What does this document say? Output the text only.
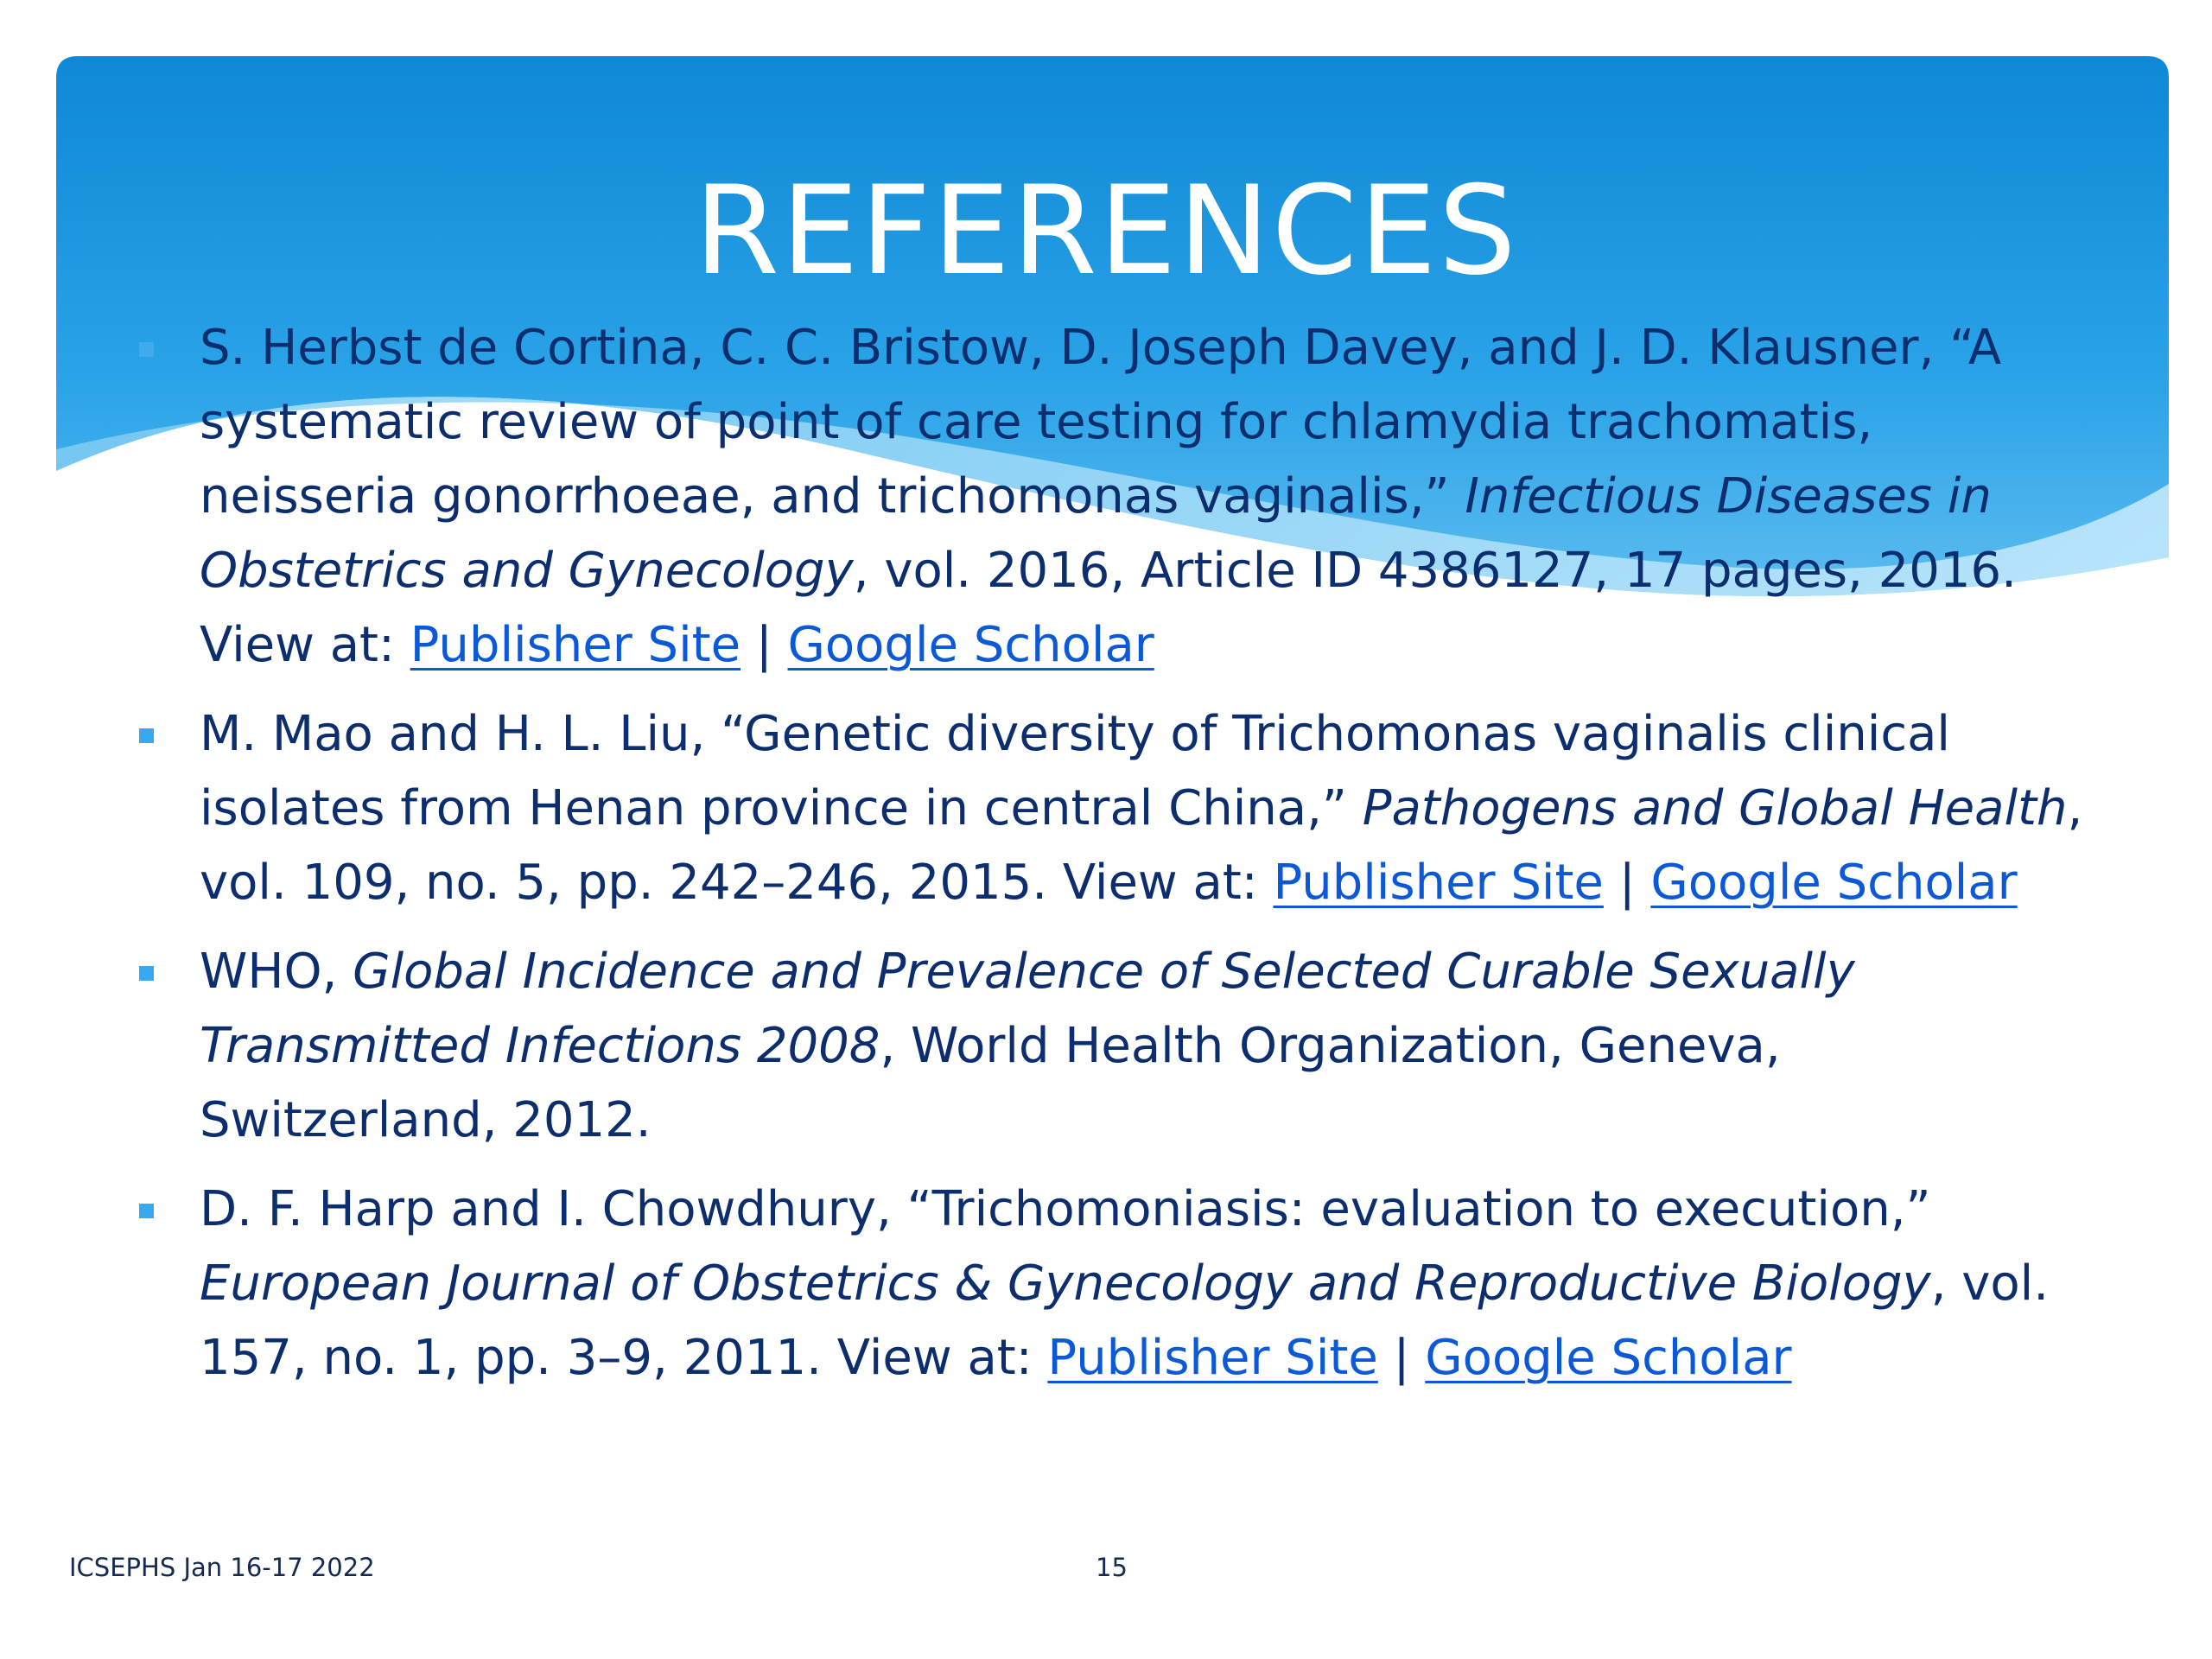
REFERENCES
S. Herbst de Cortina, C. C. Bristow, D. Joseph Davey, and J. D. Klausner, “A systematic review of point of care testing for chlamydia trachomatis, neisseria gonorrhoeae, and trichomonas vaginalis,” Infectious Diseases in Obstetrics and Gynecology, vol. 2016, Article ID 4386127, 17 pages, 2016. View at: Publisher Site | Google Scholar
M. Mao and H. L. Liu, “Genetic diversity of Trichomonas vaginalis clinical isolates from Henan province in central China,” Pathogens and Global Health, vol. 109, no. 5, pp. 242–246, 2015. View at: Publisher Site | Google Scholar
WHO, Global Incidence and Prevalence of Selected Curable Sexually Transmitted Infections 2008, World Health Organization, Geneva, Switzerland, 2012.
D. F. Harp and I. Chowdhury, “Trichomoniasis: evaluation to execution,” European Journal of Obstetrics & Gynecology and Reproductive Biology, vol. 157, no. 1, pp. 3–9, 2011. View at: Publisher Site | Google Scholar
ICSEPHS Jan 16-17 2022	15
